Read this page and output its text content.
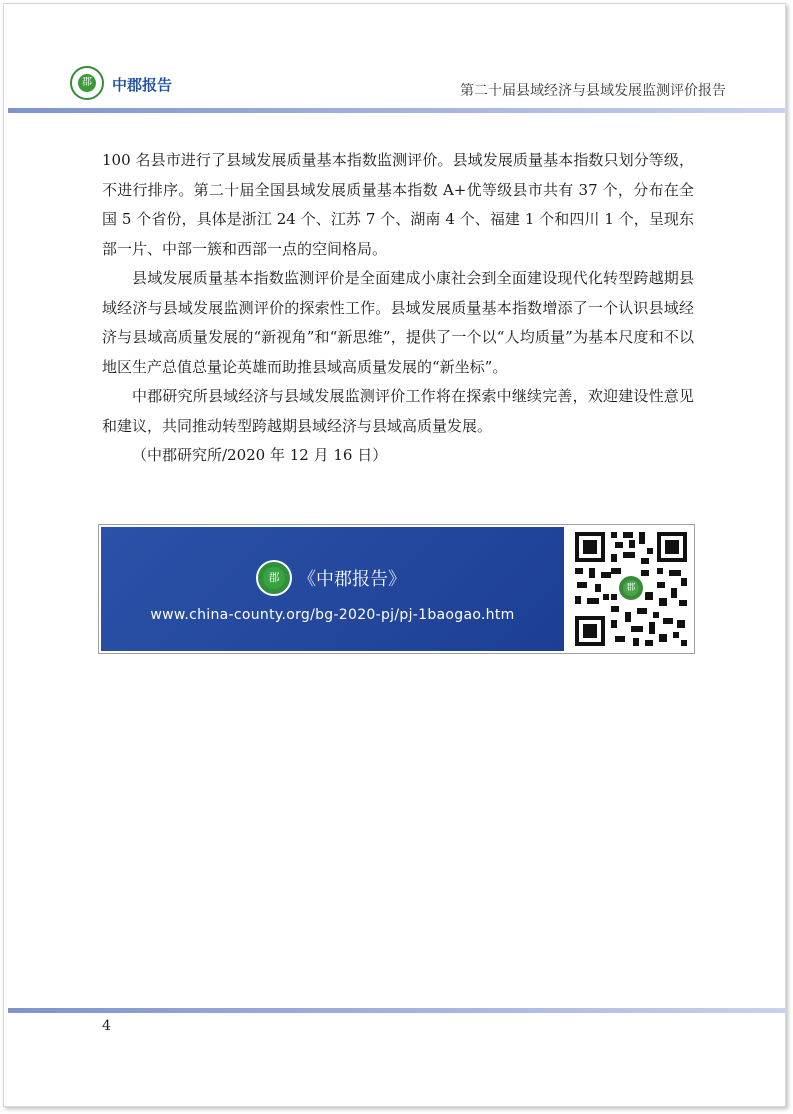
郡 中郡报告	第二十届县域经济与县域发展监测评价报告

100 名县市进行了县域发展质量基本指数监测评价。县域发展质量基本指数只划分等级，不进行排序。第二十届全国县域发展质量基本指数 A+优等级县市共有 37 个，分布在全国 5 个省份，具体是浙江 24 个、江苏 7 个、湖南 4 个、福建 1 个和四川 1 个，呈现东部一片、中部一簇和西部一点的空间格局。

县域发展质量基本指数监测评价是全面建成小康社会到全面建设现代化转型跨越期县域经济与县域发展监测评价的探索性工作。县域发展质量基本指数增添了一个认识县域经济与县域高质量发展的“新视角”和“新思维”，提供了一个以“人均质量”为基本尺度和不以地区生产总值总量论英雄而助推县域高质量发展的“新坐标”。

中郡研究所县域经济与县域发展监测评价工作将在探索中继续完善，欢迎建设性意见和建议，共同推动转型跨越期县域经济与县域高质量发展。

（中郡研究所/2020 年 12 月 16 日）

郡	《中郡报告》
www.china-county.org/bg-2020-pj/pj-1baogao.htm
郡
4
